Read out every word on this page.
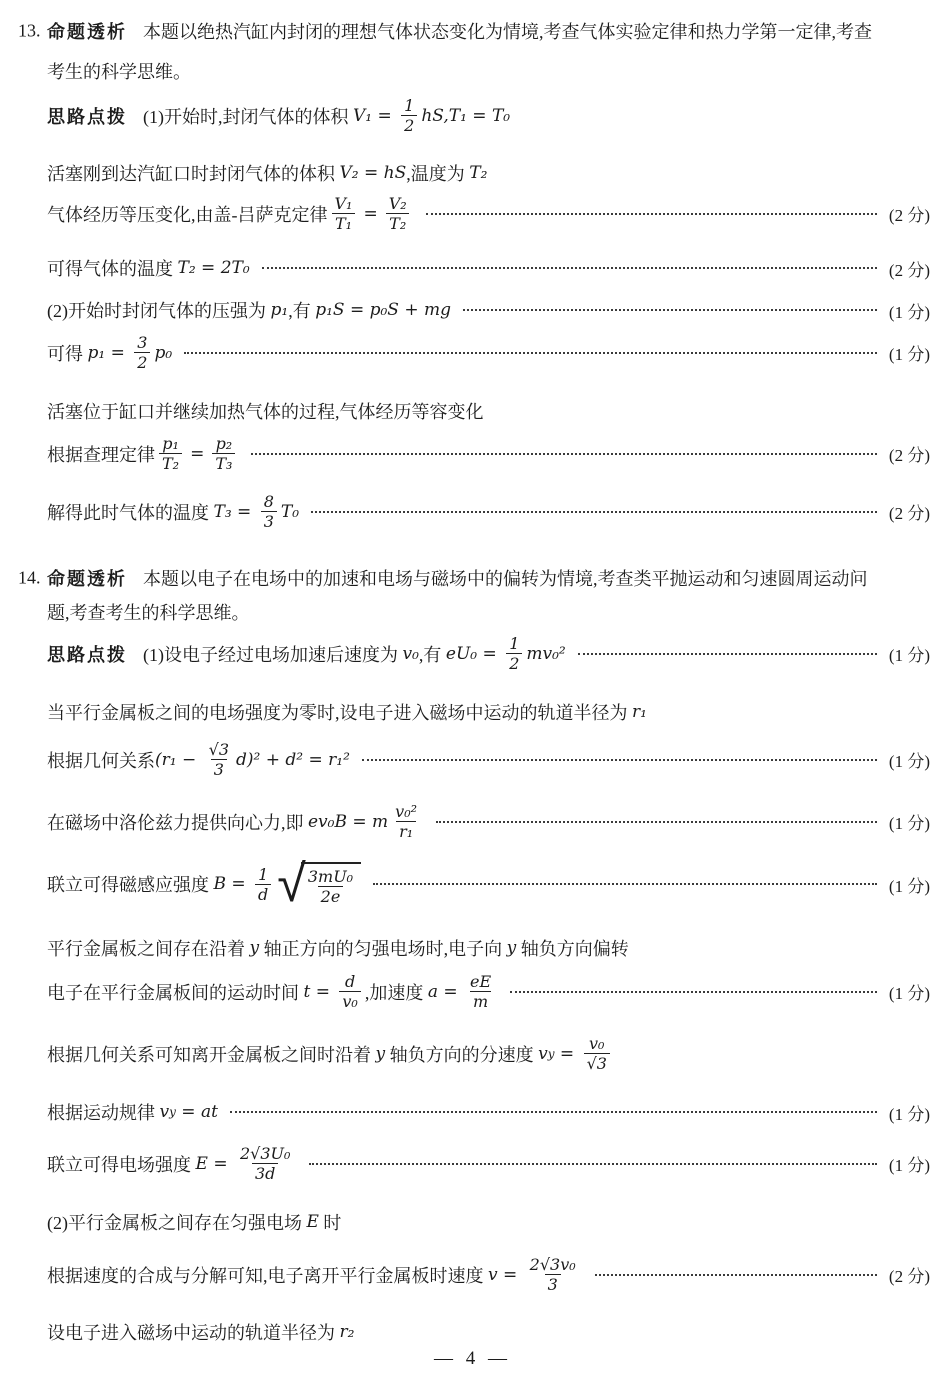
13. 命题透析 本题以绝热汽缸内封闭的理想气体状态变化为情境,考查气体实验定律和热力学第一定律,考查
考生的科学思维。
思路点拨 (1)开始时,封闭气体的体积 $V_1 = \frac{1}{2} hS,T_1 = T_0$
活塞刚到达汽缸口时封闭气体的体积 V₂ = hS ,温度为 T₂
气体经历等压变化,由盖-吕萨克定律 $\frac{\text{V₁}}{\text{T₁}} = \frac{\text{V₂}}{\text{T₂}}$	(2 分)
可得气体的温度 T₂ = 2T₀	(2 分)
(2)开始时封闭气体的压强为 p₁ ,有 p₁S = p₀S + mg	(1 分)
可得 $p_1 = \frac{3}{2} p_0$	(1 分)
活塞位于缸口并继续加热气体的过程,气体经历等容变化
根据查理定律 $\frac{\text{p₁}}{\text{T₂}} = \frac{\text{p₂}}{\text{T₃}}$	(2 分)
解得此时气体的温度 $T_3 = \frac{8}{3} T_0$	(2 分)
14. 命题透析 本题以电子在电场中的加速和电场与磁场中的偏转为情境,考查类平抛运动和匀速圆周运动问
题,考查考生的科学思维。
思路点拨 (1)设电子经过电场加速后速度为 v₀ ,有 $eU_0 = \frac{1}{2} mv_0^2$	(1 分)
当平行金属板之间的电场强度为零时,设电子进入磁场中运动的轨道半径为 r₁
根据几何关系 $(r_1 - \frac{√3}{3} d)^2 + d^2 = r_1^2$	(1 分)
在磁场中洛伦兹力提供向心力,即 ev₀B = m $\frac{\text{v₀²}}{\text{r₁}}$	(1 分)
联立可得磁感应强度 $B = \frac{1}{d}$ √ $\frac{\text{3mU₀}}{2e}$	(1 分)
平行金属板之间存在沿着 y 轴正方向的匀强电场时,电子向 y 轴负方向偏转
电子在平行金属板间的运动时间 $t = \frac{d}{\text{v₀}}$ ,加速度 $a = \frac{eE}{m}$	(1 分)
根据几何关系可知离开金属板之间时沿着 y 轴负方向的分速度 v $y = \frac{\text{v₀}}{√3}$
根据运动规律 v y = at	(1 分)
联立可得电场强度 $E = \frac{\text{2√3U₀}}{3d}$	(1 分)
(2)平行金属板之间存在匀强电场 E 时
根据速度的合成与分解可知,电子离开平行金属板时速度 $v = \frac{\text{2√3v₀}}{3}$	(2 分)
设电子进入磁场中运动的轨道半径为 r₂
— 4 —
